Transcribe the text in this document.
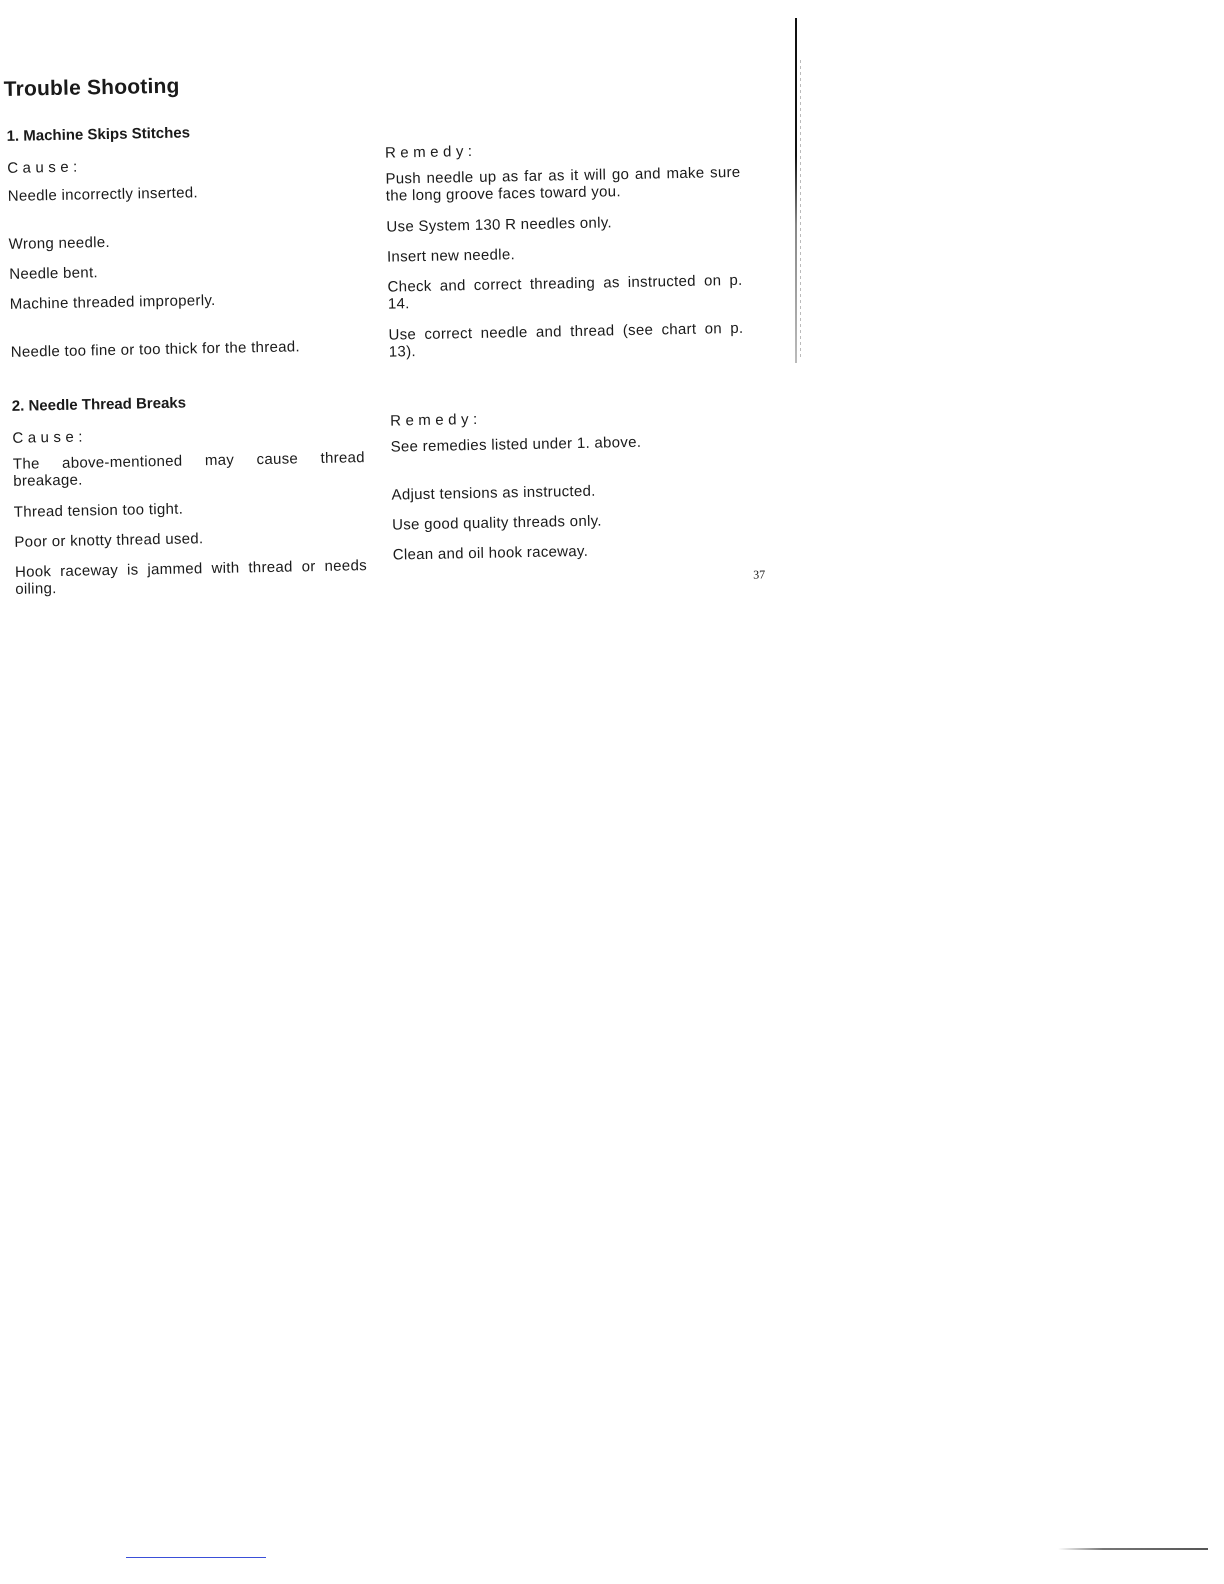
Trouble Shooting
1. Machine Skips Stitches
Cause:
Remedy:
Needle incorrectly inserted.
Push needle up as far as it will go and make sure the long groove faces toward you.
Wrong needle.
Use System 130 R needles only.
Needle bent.
Insert new needle.
Machine threaded improperly.
Check and correct threading as instructed on p. 14.
Needle too fine or too thick for the thread.
Use correct needle and thread (see chart on p. 13).
2. Needle Thread Breaks
Cause:
Remedy:
The above-mentioned may cause thread breakage.
See remedies listed under 1. above.
Thread tension too tight.
Adjust tensions as instructed.
Poor or knotty thread used.
Use good quality threads only.
Hook raceway is jammed with thread or needs oiling.
Clean and oil hook raceway.
37
